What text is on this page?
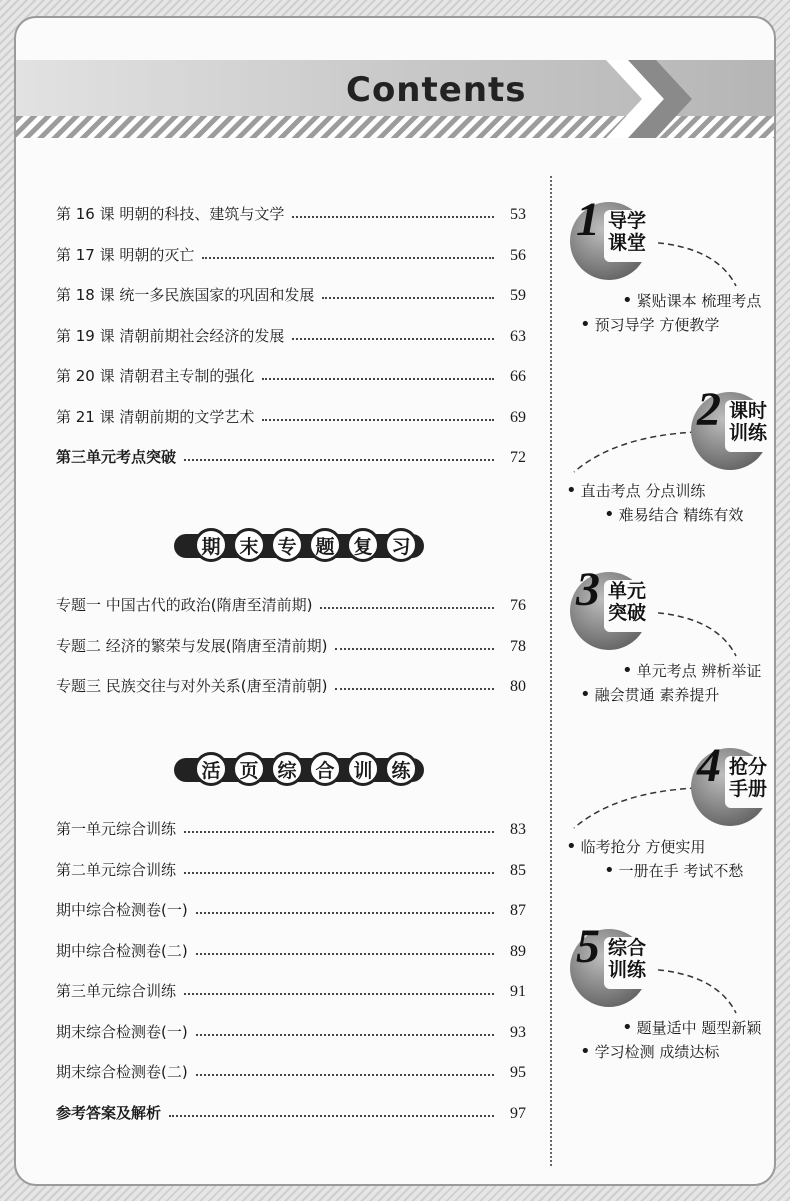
Contents
第 16 课 明朝的科技、建筑与文学	53
第 17 课 明朝的灭亡	56
第 18 课 统一多民族国家的巩固和发展	59
第 19 课 清朝前期社会经济的发展	63
第 20 课 清朝君主专制的强化	66
第 21 课 清朝前期的文学艺术	69
第三单元考点突破	72
期 末 专 题 复 习
专题一 中国古代的政治(隋唐至清前期)	76
专题二 经济的繁荣与发展(隋唐至清前期)	78
专题三 民族交往与对外关系(唐至清前朝)	80
活 页 综 合 训 练
第一单元综合训练	83
第二单元综合训练	85
期中综合检测卷(一)	87
期中综合检测卷(二)	89
第三单元综合训练	91
期末综合检测卷(一)	93
期末综合检测卷(二)	95
参考答案及解析	97
1 导学课堂
• 紧贴课本 梳理考点
• 预习导学 方便教学
2 课时训练
• 直击考点 分点训练
• 难易结合 精练有效
3 单元突破
• 单元考点 辨析举证
• 融会贯通 素养提升
4 抢分手册
• 临考抢分 方便实用
• 一册在手 考试不愁
5 综合训练
• 题量适中 题型新颖
• 学习检测 成绩达标
